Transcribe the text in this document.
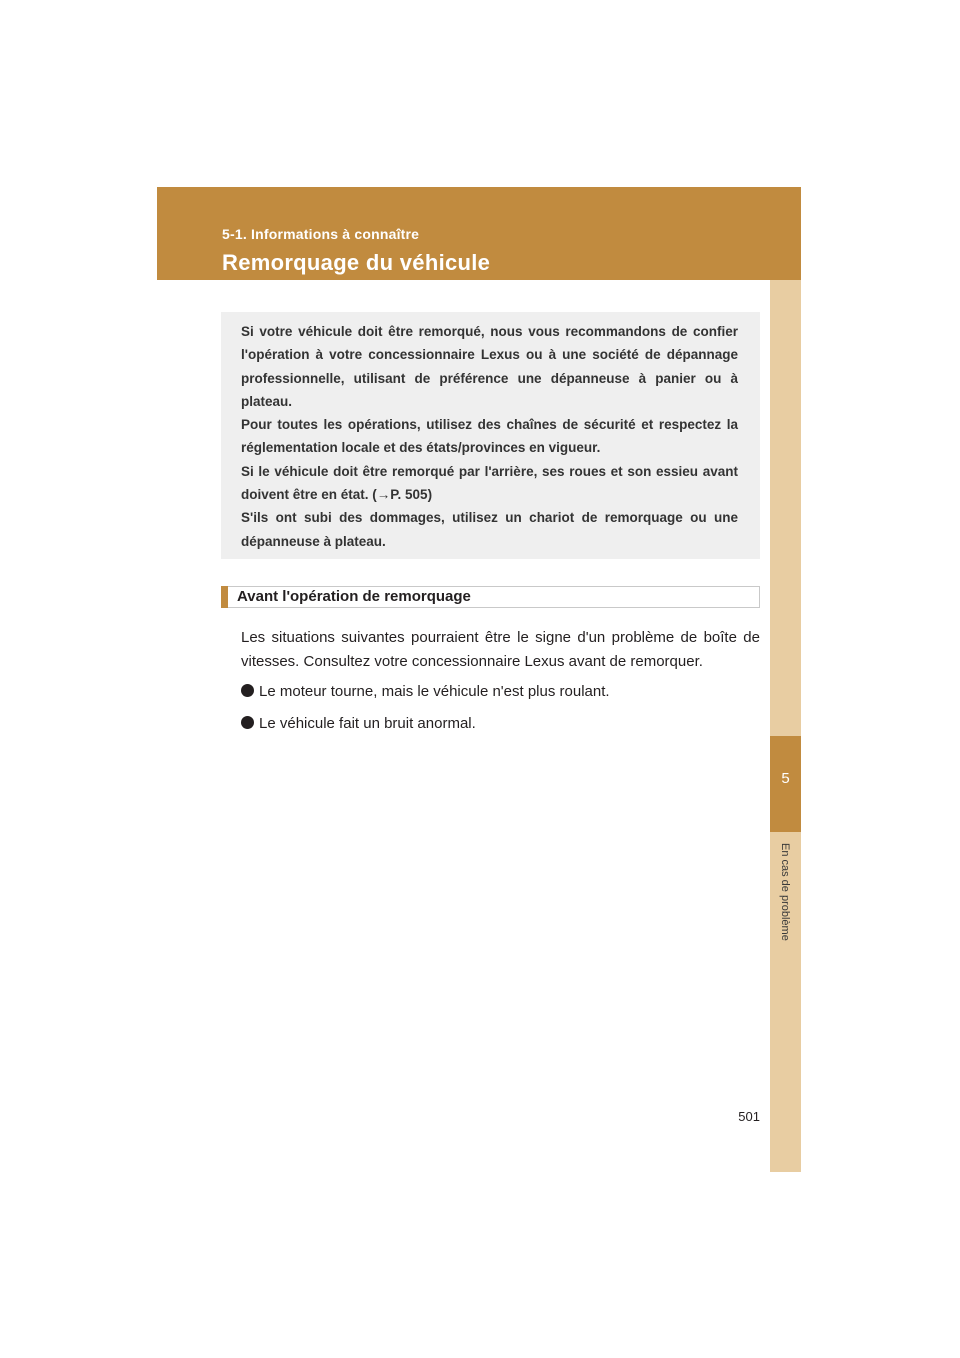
5-1. Informations à connaître
Remorquage du véhicule
5
En cas de problème

Si votre véhicule doit être remorqué, nous vous recommandons de confier l'opération à votre concessionnaire Lexus ou à une société de dépannage professionnelle, utilisant de préférence une dépanneuse à panier ou à plateau.

Pour toutes les opérations, utilisez des chaînes de sécurité et respectez la réglementation locale et des états/provinces en vigueur.

Si le véhicule doit être remorqué par l'arrière, ses roues et son essieu avant doivent être en état. (→P. 505)

S'ils ont subi des dommages, utilisez un chariot de remorquage ou une dépanneuse à plateau.

Avant l'opération de remorquage
Les situations suivantes pourraient être le signe d'un problème de boîte de vitesses. Consultez votre concessionnaire Lexus avant de remorquer.
Le moteur tourne, mais le véhicule n'est plus roulant.
Le véhicule fait un bruit anormal.
501
